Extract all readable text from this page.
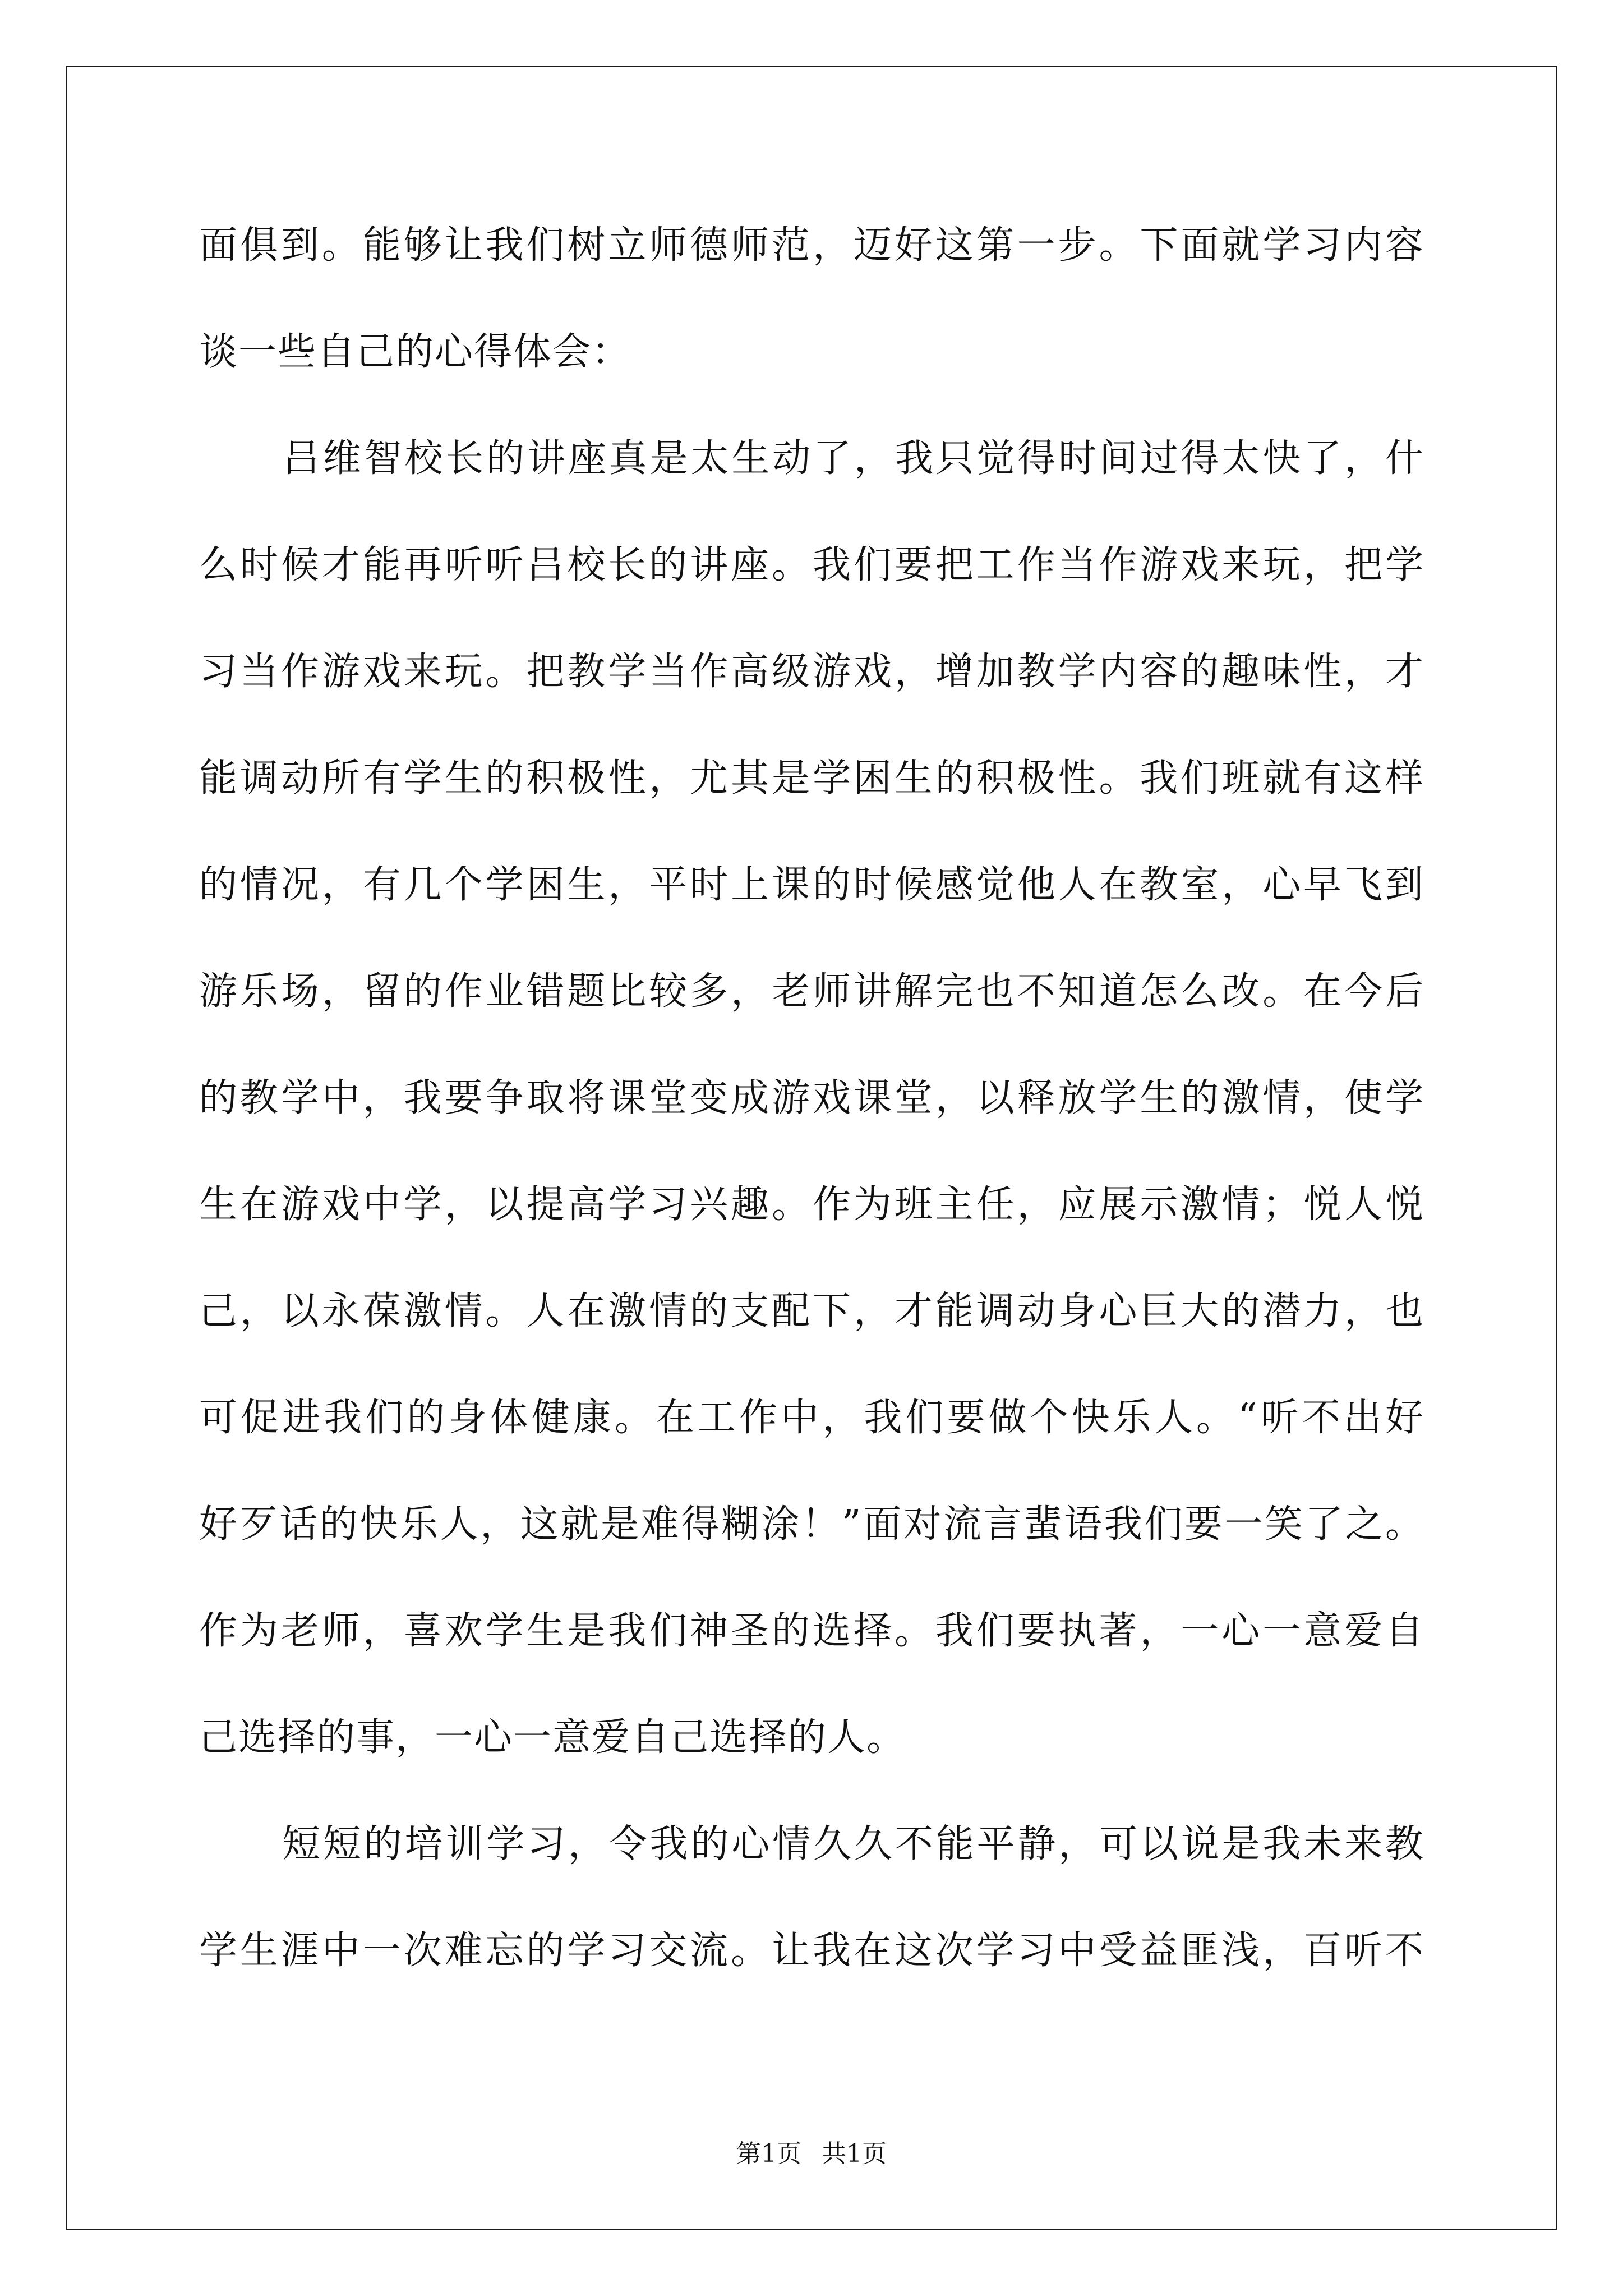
面俱到。能够让我们树立师德师范，迈好这第一步。下面就学习内容
谈一些自己的心得体会：
吕维智校长的讲座真是太生动了，我只觉得时间过得太快了，什
么时候才能再听听吕校长的讲座。我们要把工作当作游戏来玩，把学
习当作游戏来玩。把教学当作高级游戏，增加教学内容的趣味性，才
能调动所有学生的积极性，尤其是学困生的积极性。我们班就有这样
的情况，有几个学困生，平时上课的时候感觉他人在教室，心早飞到
游乐场，留的作业错题比较多，老师讲解完也不知道怎么改。在今后
的教学中，我要争取将课堂变成游戏课堂，以释放学生的激情，使学
生在游戏中学，以提高学习兴趣。作为班主任，应展示激情；悦人悦
己，以永葆激情。人在激情的支配下，才能调动身心巨大的潜力，也
可促进我们的身体健康。在工作中，我们要做个快乐人。“听不出好
好歹话的快乐人，这就是难得糊涂！”面对流言蜚语我们要一笑了之。
作为老师，喜欢学生是我们神圣的选择。我们要执著，一心一意爱自
己选择的事，一心一意爱自己选择的人。
短短的培训学习，令我的心情久久不能平静，可以说是我未来教
学生涯中一次难忘的学习交流。让我在这次学习中受益匪浅，百听不
第1页 共1页
